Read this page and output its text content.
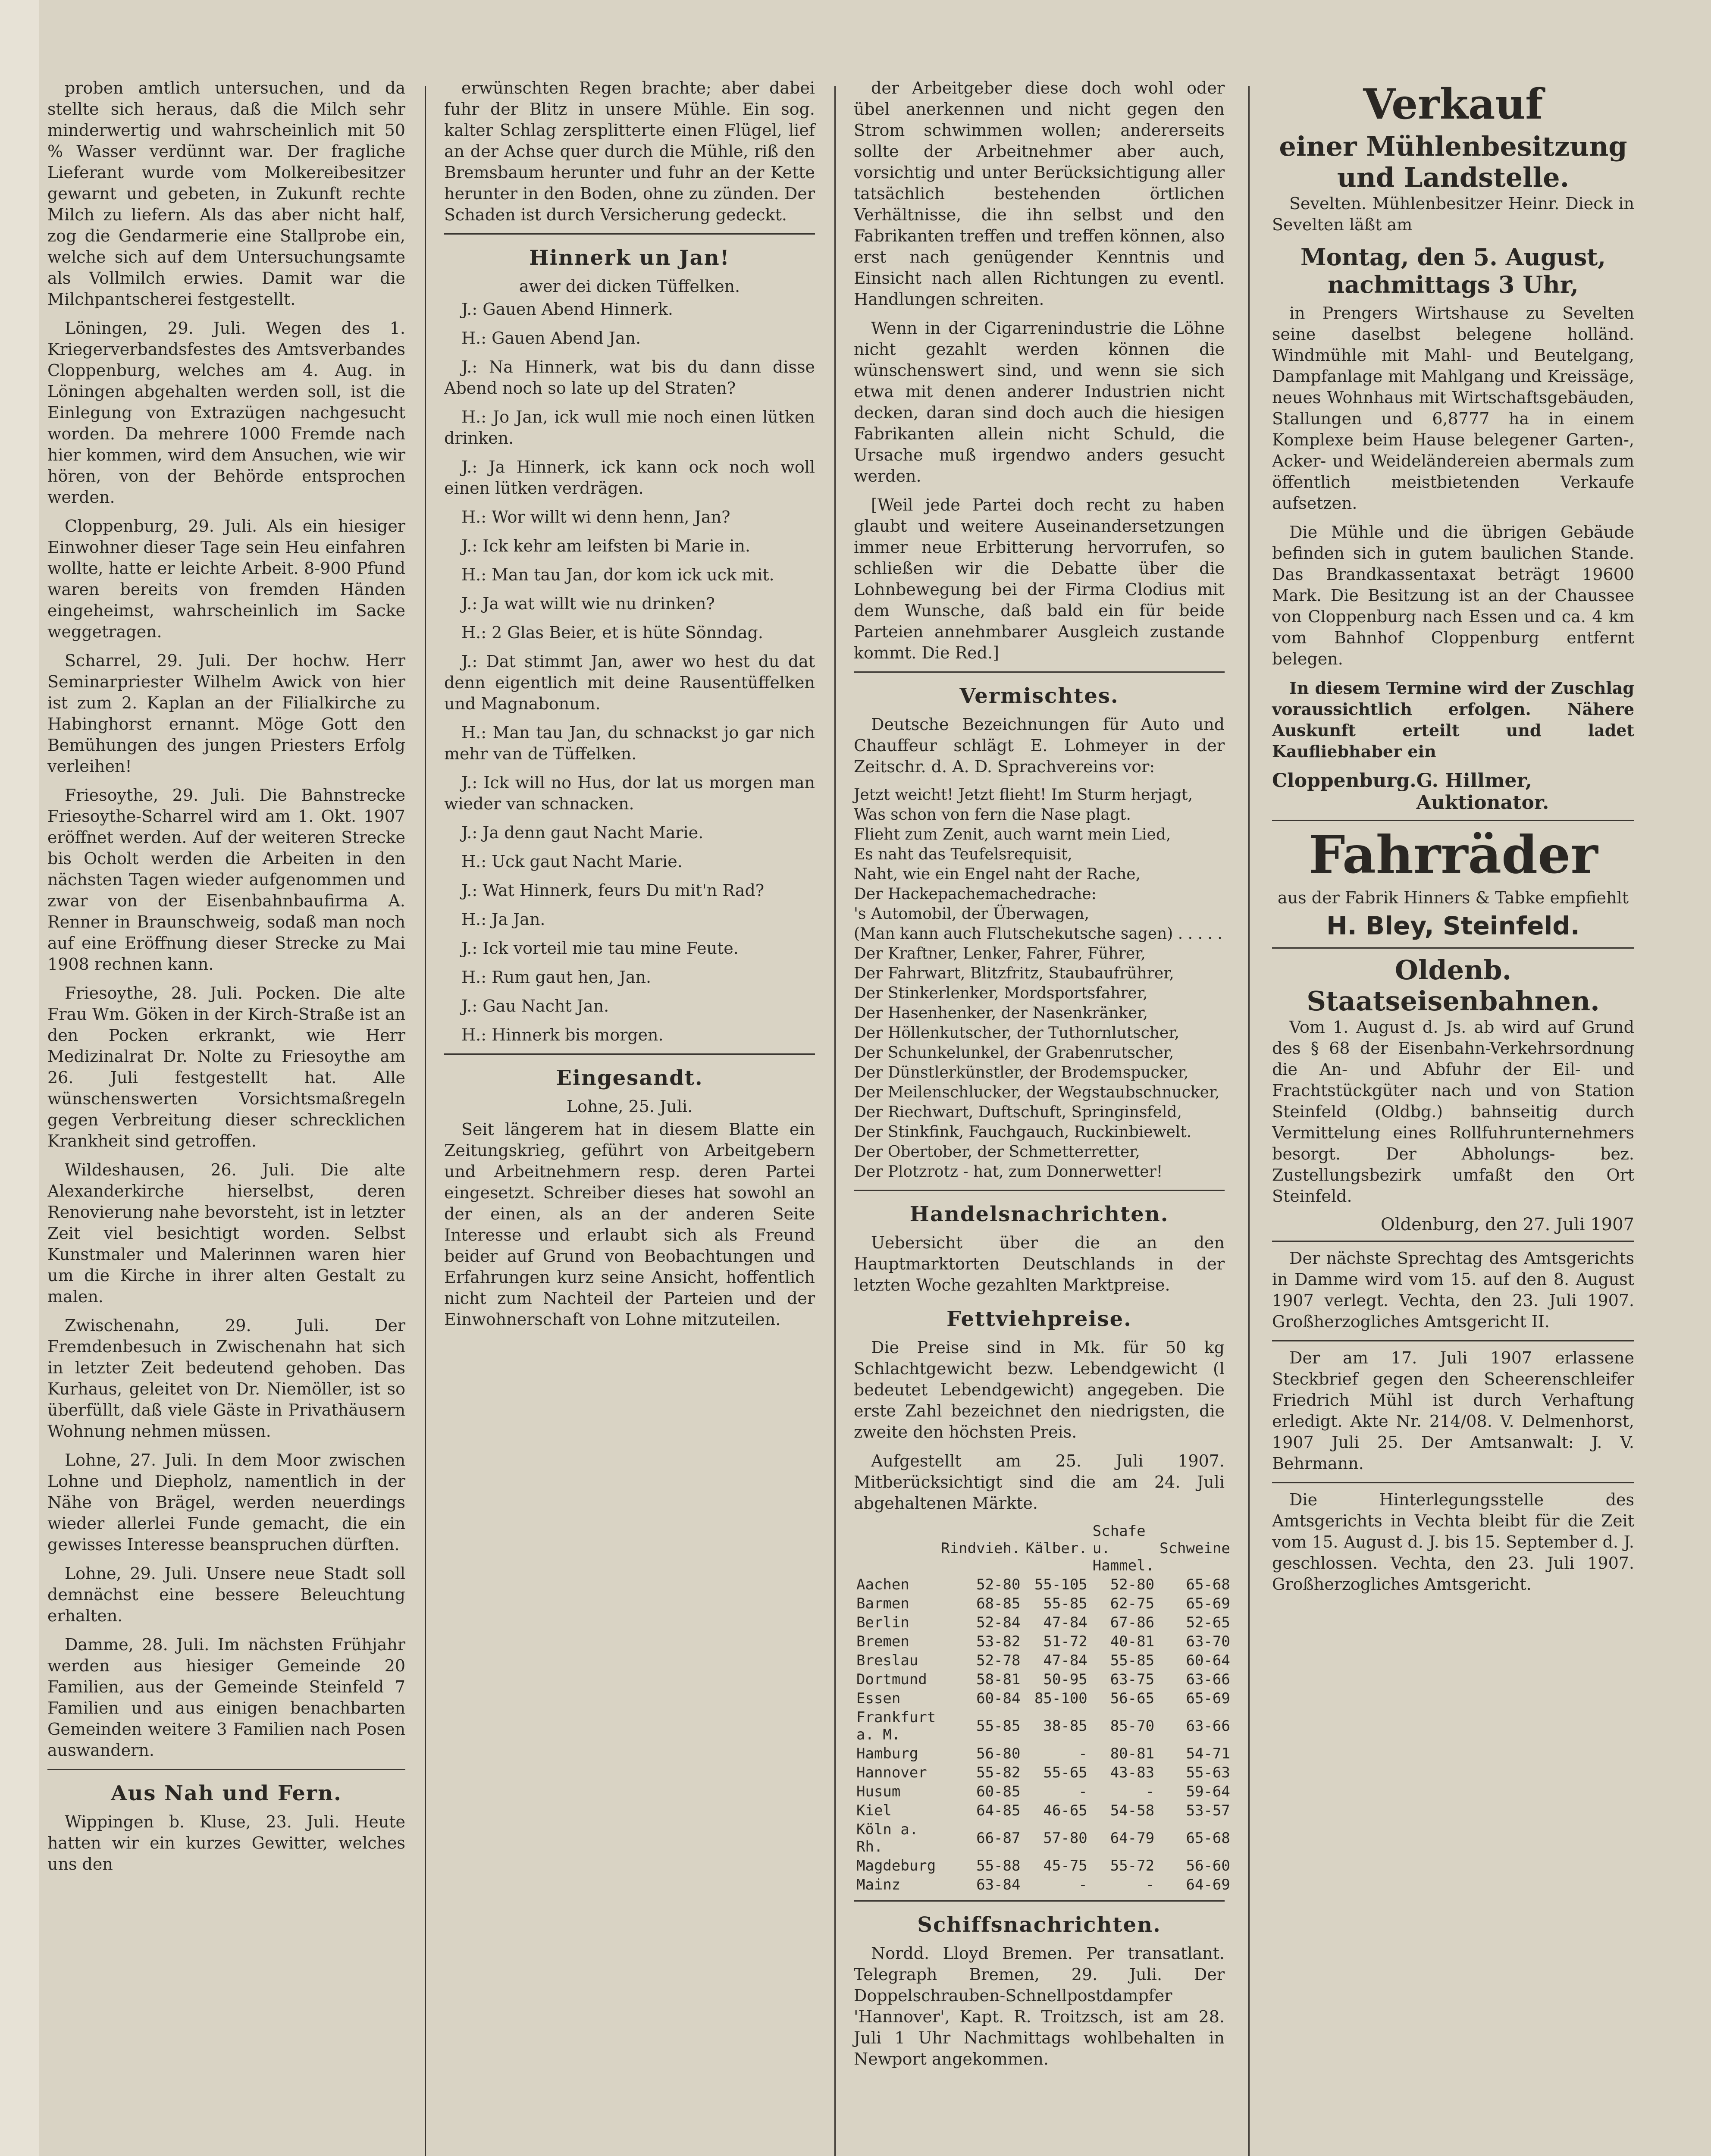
proben amtlich untersuchen, und da stellte sich heraus, daß die Milch sehr minderwertig und wahrscheinlich mit 50 % Wasser verdünnt war. Der fragliche Lieferant wurde vom Molkereibesitzer gewarnt und gebeten, in Zukunft rechte Milch zu liefern. Als das aber nicht half, zog die Gendarmerie eine Stallprobe ein, welche sich auf dem Untersuchungsamte als Vollmilch erwies. Damit war die Milchpantscherei festgestellt.

Löningen, 29. Juli. Wegen des 1. Kriegerverbandsfestes des Amtsverbandes Cloppenburg, welches am 4. Aug. in Löningen abgehalten werden soll, ist die Einlegung von Extrazügen nachgesucht worden. Da mehrere 1000 Fremde nach hier kommen, wird dem Ansuchen, wie wir hören, von der Behörde entsprochen werden.

Cloppenburg, 29. Juli. Als ein hiesiger Einwohner dieser Tage sein Heu einfahren wollte, hatte er leichte Arbeit. 8-900 Pfund waren bereits von fremden Händen eingeheimst, wahrscheinlich im Sacke weggetragen.

Scharrel, 29. Juli. Der hochw. Herr Seminarpriester Wilhelm Awick von hier ist zum 2. Kaplan an der Filialkirche zu Habinghorst ernannt. Möge Gott den Bemühungen des jungen Priesters Erfolg verleihen!

Friesoythe, 29. Juli. Die Bahnstrecke Friesoythe-Scharrel wird am 1. Okt. 1907 eröffnet werden. Auf der weiteren Strecke bis Ocholt werden die Arbeiten in den nächsten Tagen wieder aufgenommen und zwar von der Eisenbahnbaufirma A. Renner in Braunschweig, sodaß man noch auf eine Eröffnung dieser Strecke zu Mai 1908 rechnen kann.

Friesoythe, 28. Juli. Pocken. Die alte Frau Wm. Göken in der Kirch-Straße ist an den Pocken erkrankt, wie Herr Medizinalrat Dr. Nolte zu Friesoythe am 26. Juli festgestellt hat. Alle wünschenswerten Vorsichtsmaßregeln gegen Verbreitung dieser schrecklichen Krankheit sind getroffen.

Wildeshausen, 26. Juli. Die alte Alexanderkirche hierselbst, deren Renovierung nahe bevorsteht, ist in letzter Zeit viel besichtigt worden. Selbst Kunstmaler und Malerinnen waren hier um die Kirche in ihrer alten Gestalt zu malen.

Zwischenahn, 29. Juli. Der Fremdenbesuch in Zwischenahn hat sich in letzter Zeit bedeutend gehoben. Das Kurhaus, geleitet von Dr. Niemöller, ist so überfüllt, daß viele Gäste in Privathäusern Wohnung nehmen müssen.

Lohne, 27. Juli. In dem Moor zwischen Lohne und Diepholz, namentlich in der Nähe von Brägel, werden neuerdings wieder allerlei Funde gemacht, die ein gewisses Interesse beanspruchen dürften.

Lohne, 29. Juli. Unsere neue Stadt soll demnächst eine bessere Beleuchtung erhalten.

Damme, 28. Juli. Im nächsten Frühjahr werden aus hiesiger Gemeinde 20 Familien, aus der Gemeinde Steinfeld 7 Familien und aus einigen benachbarten Gemeinden weitere 3 Familien nach Posen auswandern.

Aus Nah und Fern.

Wippingen b. Kluse, 23. Juli. Heute hatten wir ein kurzes Gewitter, welches uns den

erwünschten Regen brachte; aber dabei fuhr der Blitz in unsere Mühle. Ein sog. kalter Schlag zersplitterte einen Flügel, lief an der Achse quer durch die Mühle, riß den Bremsbaum herunter und fuhr an der Kette herunter in den Boden, ohne zu zünden. Der Schaden ist durch Versicherung gedeckt.

Hinnerk un Jan!
awer dei dicken Tüffelken.

J.: Gauen Abend Hinnerk.

H.: Gauen Abend Jan.

J.: Na Hinnerk, wat bis du dann disse Abend noch so late up del Straten?

H.: Jo Jan, ick wull mie noch einen lütken drinken.

J.: Ja Hinnerk, ick kann ock noch woll einen lütken verdrägen.

H.: Wor willt wi denn henn, Jan?

J.: Ick kehr am leifsten bi Marie in.

H.: Man tau Jan, dor kom ick uck mit.

J.: Ja wat willt wie nu drinken?

H.: 2 Glas Beier, et is hüte Sönndag.

J.: Dat stimmt Jan, awer wo hest du dat denn eigentlich mit deine Rausentüffelken und Magnabonum.

H.: Man tau Jan, du schnackst jo gar nich mehr van de Tüffelken.

J.: Ick will no Hus, dor lat us morgen man wieder van schnacken.

J.: Ja denn gaut Nacht Marie.

H.: Uck gaut Nacht Marie.

J.: Wat Hinnerk, feurs Du mit'n Rad?

H.: Ja Jan.

J.: Ick vorteil mie tau mine Feute.

H.: Rum gaut hen, Jan.

J.: Gau Nacht Jan.

H.: Hinnerk bis morgen.

Eingesandt.
Lohne, 25. Juli.

Seit längerem hat in diesem Blatte ein Zeitungskrieg, geführt von Arbeitgebern und Arbeitnehmern resp. deren Partei eingesetzt. Schreiber dieses hat sowohl an der einen, als an der anderen Seite Interesse und erlaubt sich als Freund beider auf Grund von Beobachtungen und Erfahrungen kurz seine Ansicht, hoffentlich nicht zum Nachteil der Parteien und der Einwohnerschaft von Lohne mitzuteilen.

der Arbeitgeber diese doch wohl oder übel anerkennen und nicht gegen den Strom schwimmen wollen; andererseits sollte der Arbeitnehmer aber auch, vorsichtig und unter Berücksichtigung aller tatsächlich bestehenden örtlichen Verhältnisse, die ihn selbst und den Fabrikanten treffen und treffen können, also erst nach genügender Kenntnis und Einsicht nach allen Richtungen zu eventl. Handlungen schreiten.

Wenn in der Cigarrenindustrie die Löhne nicht gezahlt werden können die wünschenswert sind, und wenn sie sich etwa mit denen anderer Industrien nicht decken, daran sind doch auch die hiesigen Fabrikanten allein nicht Schuld, die Ursache muß irgendwo anders gesucht werden.

[Weil jede Partei doch recht zu haben glaubt und weitere Auseinandersetzungen immer neue Erbitterung hervorrufen, so schließen wir die Debatte über die Lohnbewegung bei der Firma Clodius mit dem Wunsche, daß bald ein für beide Parteien annehmbarer Ausgleich zustande kommt. Die Red.]

Vermischtes.

Deutsche Bezeichnungen für Auto und Chauffeur schlägt E. Lohmeyer in der Zeitschr. d. A. D. Sprachvereins vor:

Jetzt weicht! Jetzt flieht! Im Sturm herjagt,
Was schon von fern die Nase plagt.
Flieht zum Zenit, auch warnt mein Lied,
Es naht das Teufelsrequisit,
Naht, wie ein Engel naht der Rache,
Der Hackepachemachedrache:
's Automobil, der Überwagen,
(Man kann auch Flutschekutsche sagen) . . . . .
Der Kraftner, Lenker, Fahrer, Führer,
Der Fahrwart, Blitzfritz, Staubaufrührer,
Der Stinkerlenker, Mordsportsfahrer,
Der Hasenhenker, der Nasenkränker,
Der Höllenkutscher, der Tuthornlutscher,
Der Schunkelunkel, der Grabenrutscher,
Der Dünstlerkünstler, der Brodemspucker,
Der Meilenschlucker, der Wegstaubschnucker,
Der Riechwart, Duftschuft, Springinsfeld,
Der Stinkfink, Fauchgauch, Ruckinbiewelt.
Der Obertober, der Schmetterretter,
Der Plotzrotz - hat, zum Donnerwetter!
Handelsnachrichten.

Uebersicht über die an den Hauptmarktorten Deutschlands in der letzten Woche gezahlten Marktpreise.

Fettviehpreise.

Die Preise sind in Mk. für 50 kg Schlachtgewicht bezw. Lebendgewicht (l bedeutet Lebendgewicht) angegeben. Die erste Zahl bezeichnet den niedrigsten, die zweite den höchsten Preis.

Aufgestellt am 25. Juli 1907. Mitberücksichtigt sind die am 24. Juli abgehaltenen Märkte.

	Rindvieh.	Kälber.	Schafe u. Hammel.	Schweine
Aachen	52-80	55-105	52-80	65-68
Barmen	68-85	55-85	62-75	65-69
Berlin	52-84	47-84	67-86	52-65
Bremen	53-82	51-72	40-81	63-70
Breslau	52-78	47-84	55-85	60-64
Dortmund	58-81	50-95	63-75	63-66
Essen	60-84	85-100	56-65	65-69
Frankfurt a. M.	55-85	38-85	85-70	63-66
Hamburg	56-80	-	80-81	54-71
Hannover	55-82	55-65	43-83	55-63
Husum	60-85	-	-	59-64
Kiel	64-85	46-65	54-58	53-57
Köln a. Rh.	66-87	57-80	64-79	65-68
Magdeburg	55-88	45-75	55-72	56-60
Mainz	63-84	-	-	64-69
Schiffsnachrichten.

Nordd. Lloyd Bremen. Per transatlant. Telegraph Bremen, 29. Juli. Der Doppelschrauben-Schnellpostdampfer 'Hannover', Kapt. R. Troitzsch, ist am 28. Juli 1 Uhr Nachmittags wohlbehalten in Newport angekommen.

Verkauf
einer Mühlenbesitzung und Landstelle.

Sevelten. Mühlenbesitzer Heinr. Dieck in Sevelten läßt am

Montag, den 5. August, nachmittags 3 Uhr,

in Prengers Wirtshause zu Sevelten seine daselbst belegene holländ. Windmühle mit Mahl- und Beutelgang, Dampfanlage mit Mahlgang und Kreissäge, neues Wohnhaus mit Wirtschaftsgebäuden, Stallungen und 6,8777 ha in einem Komplexe beim Hause belegener Garten-, Acker- und Weideländereien abermals zum öffentlich meistbietenden Verkaufe aufsetzen.

Die Mühle und die übrigen Gebäude befinden sich in gutem baulichen Stande. Das Brandkassentaxat beträgt 19600 Mark. Die Besitzung ist an der Chaussee von Cloppenburg nach Essen und ca. 4 km vom Bahnhof Cloppenburg entfernt belegen.

In diesem Termine wird der Zuschlag voraussichtlich erfolgen. Nähere Auskunft erteilt und ladet Kaufliebhaber ein

Cloppenburg. G. Hillmer, Auktionator.
Fahrräder
aus der Fabrik Hinners & Tabke empfiehlt
H. Bley, Steinfeld.
Oldenb. Staatseisenbahnen.

Vom 1. August d. Js. ab wird auf Grund des § 68 der Eisenbahn-Verkehrsordnung die An- und Abfuhr der Eil- und Frachtstückgüter nach und von Station Steinfeld (Oldbg.) bahnseitig durch Vermittelung eines Rollfuhrunternehmers besorgt. Der Abholungs- bez. Zustellungsbezirk umfaßt den Ort Steinfeld.

Oldenburg, den 27. Juli 1907

Der nächste Sprechtag des Amtsgerichts in Damme wird vom 15. auf den 8. August 1907 verlegt. Vechta, den 23. Juli 1907. Großherzogliches Amtsgericht II.

Der am 17. Juli 1907 erlassene Steckbrief gegen den Scheerenschleifer Friedrich Mühl ist durch Verhaftung erledigt. Akte Nr. 214/08. V. Delmenhorst, 1907 Juli 25. Der Amtsanwalt: J. V. Behrmann.

Die Hinterlegungsstelle des Amtsgerichts in Vechta bleibt für die Zeit vom 15. August d. J. bis 15. September d. J. geschlossen. Vechta, den 23. Juli 1907. Großherzogliches Amtsgericht.
